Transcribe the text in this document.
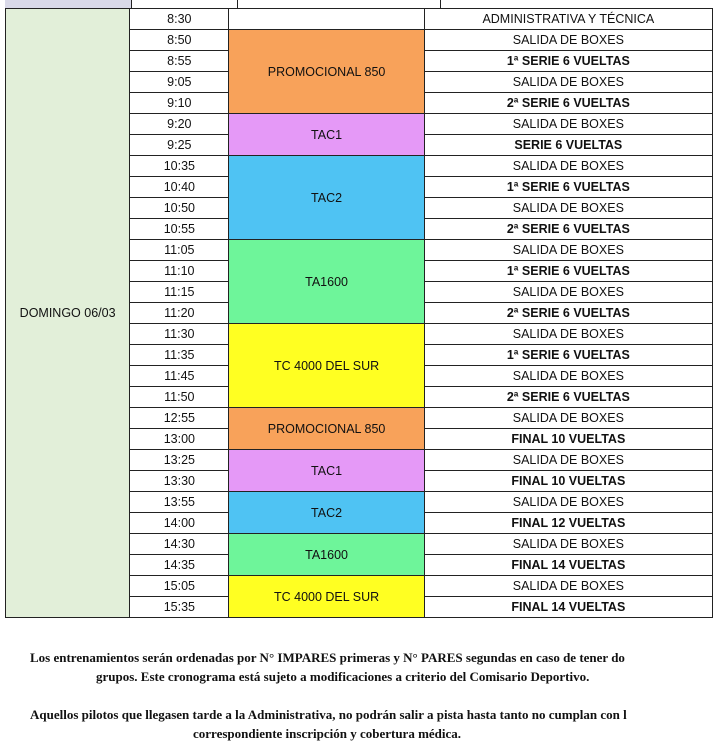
DOMINGO 06/03	8:30		ADMINISTRATIVA Y TÉCNICA
	8:50	PROMOCIONAL 850	SALIDA DE BOXES
	8:55		1ª SERIE 6 VUELTAS
	9:05		SALIDA DE BOXES
	9:10		2ª SERIE 6 VUELTAS
	9:20	TAC1	SALIDA DE BOXES
	9:25		SERIE 6 VUELTAS
	10:35	TAC2	SALIDA DE BOXES
	10:40		1ª SERIE 6 VUELTAS
	10:50		SALIDA DE BOXES
	10:55		2ª SERIE 6 VUELTAS
	11:05	TA1600	SALIDA DE BOXES
	11:10		1ª SERIE 6 VUELTAS
	11:15		SALIDA DE BOXES
	11:20		2ª SERIE 6 VUELTAS
	11:30	TC 4000 DEL SUR	SALIDA DE BOXES
	11:35		1ª SERIE 6 VUELTAS
	11:45		SALIDA DE BOXES
	11:50		2ª SERIE 6 VUELTAS
	12:55	PROMOCIONAL 850	SALIDA DE BOXES
	13:00		FINAL 10 VUELTAS
	13:25	TAC1	SALIDA DE BOXES
	13:30		FINAL 10 VUELTAS
	13:55	TAC2	SALIDA DE BOXES
	14:00		FINAL 12 VUELTAS
	14:30	TA1600	SALIDA DE BOXES
	14:35		FINAL 14 VUELTAS
	15:05	TC 4000 DEL SUR	SALIDA DE BOXES
	15:35		FINAL 14 VUELTAS
Los entrenamientos serán ordenadas por N° IMPARES primeras y N° PARES segundas en caso de tener do
grupos. Este cronograma está sujeto a modificaciones a criterio del Comisario Deportivo.
Aquellos pilotos que llegasen tarde a la Administrativa, no podrán salir a pista hasta tanto no cumplan con l
correspondiente inscripción y cobertura médica.
